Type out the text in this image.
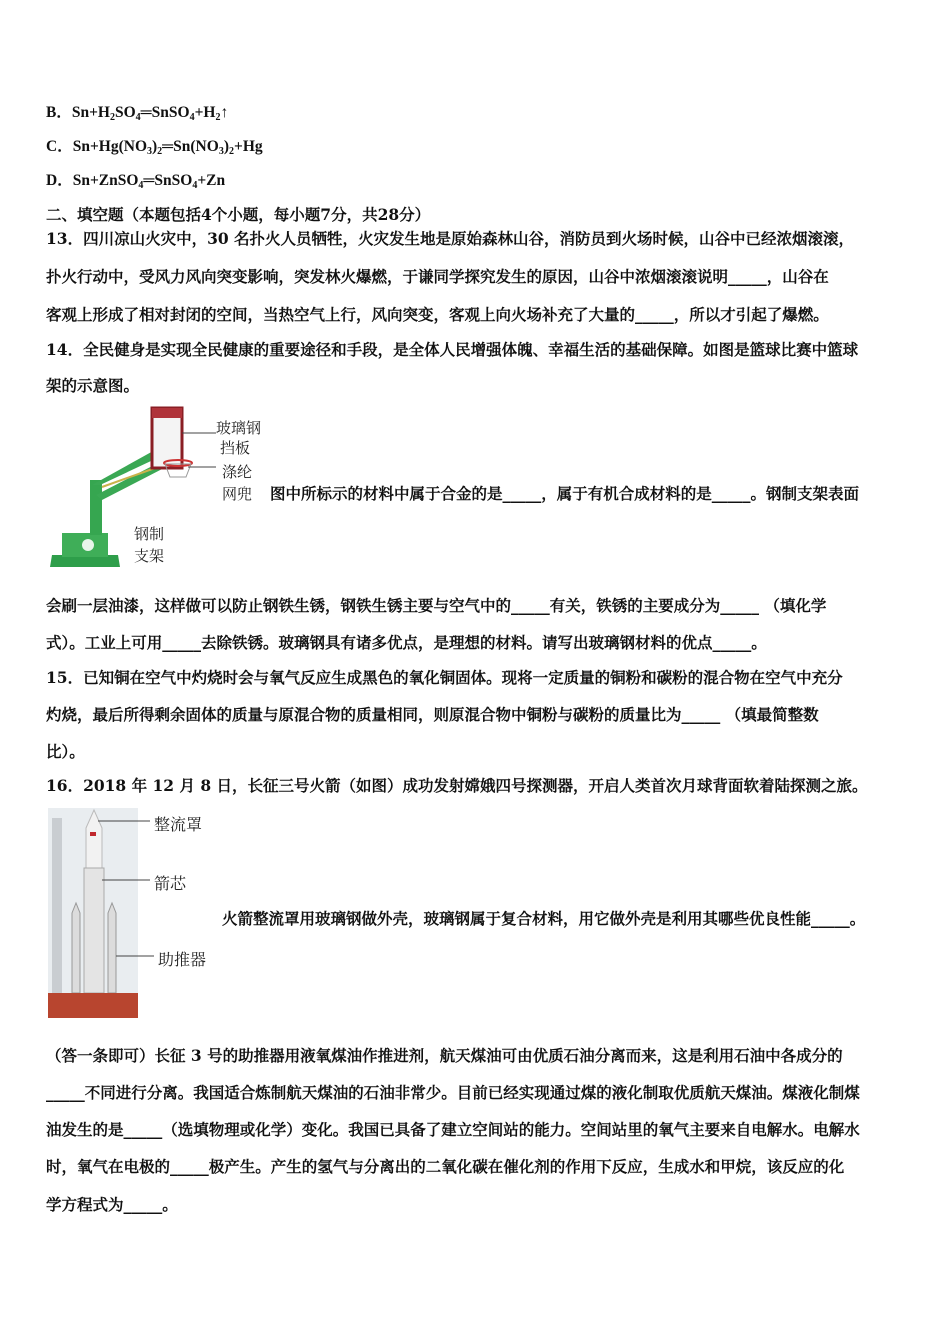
B．$Sn+H_2SO_4═SnSO_4+H_2↑$
C．$Sn+Hg(NO_3)_2═Sn(NO_3)_2+Hg$
D．Sn+ZnSO$_4$═SnSO$_4$+Zn
二、填空题（本题包括4个小题，每小题7分，共28分）
13．四川凉山火灾中，30 名扑火人员牺牲，火灾发生地是原始森林山谷，消防员到火场时候，山谷中已经浓烟滚滚，
扑火行动中，受风力风向突变影响，突发林火爆燃，于谦同学探究发生的原因，山谷中浓烟滚滚说明_____，山谷在
客观上形成了相对封闭的空间，当热空气上行，风向突变，客观上向火场补充了大量的_____，所以才引起了爆燃。
14．全民健身是实现全民健康的重要途径和手段，是全体人民增强体魄、幸福生活的基础保障。如图是篮球比赛中篮球
架的示意图。
玻璃钢
挡板
涤纶
网兜
钢制
支架
图中所标示的材料中属于合金的是_____，属于有机合成材料的是_____。钢制支架表面
会刷一层油漆，这样做可以防止钢铁生锈，钢铁生锈主要与空气中的_____有关，铁锈的主要成分为_____ （填化学
式）。工业上可用_____去除铁锈。玻璃钢具有诸多优点，是理想的材料。请写出玻璃钢材料的优点_____。
15．已知铜在空气中灼烧时会与氧气反应生成黑色的氧化铜固体。现将一定质量的铜粉和碳粉的混合物在空气中充分
灼烧，最后所得剩余固体的质量与原混合物的质量相同，则原混合物中铜粉与碳粉的质量比为_____ （填最简整数
比）。
16．2018 年 12 月 8 日，长征三号火箭（如图）成功发射嫦娥四号探测器，开启人类首次月球背面软着陆探测之旅。
整流罩
箭芯
助推器
火箭整流罩用玻璃钢做外壳，玻璃钢属于复合材料，用它做外壳是利用其哪些优良性能_____。
（答一条即可）长征 3 号的助推器用液氧煤油作推进剂，航天煤油可由优质石油分离而来，这是利用石油中各成分的
_____不同进行分离。我国适合炼制航天煤油的石油非常少。目前已经实现通过煤的液化制取优质航天煤油。煤液化制煤
油发生的是_____（选填物理或化学）变化。我国已具备了建立空间站的能力。空间站里的氧气主要来自电解水。电解水
时，氧气在电极的_____极产生。产生的氢气与分离出的二氧化碳在催化剂的作用下反应，生成水和甲烷，该反应的化
学方程式为_____。
